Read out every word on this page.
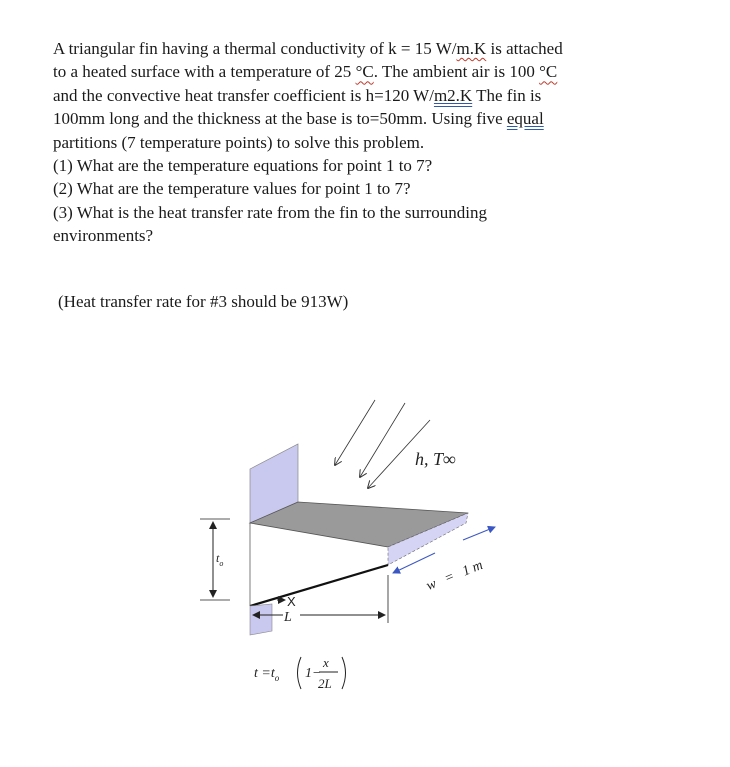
A triangular fin having a thermal conductivity of k = 15 W/m.K is attached

to a heated surface with a temperature of 25 °C. The ambient air is 100 °C

and the convective heat transfer coefficient is h=120 W/m2.K The fin is

100mm long and the thickness at the base is to=50mm. Using five equal

partitions (7 temperature points) to solve this problem.

(1) What are the temperature equations for point 1 to 7?

(2) What are the temperature values for point 1 to 7?

(3) What is the heat transfer rate from the fin to the surrounding

environments?

(Heat transfer rate for #3 should be 913W)
$t_o$
X
L
w = 1 m
h, T∞
$t =t_o$ 1−
x
2L
